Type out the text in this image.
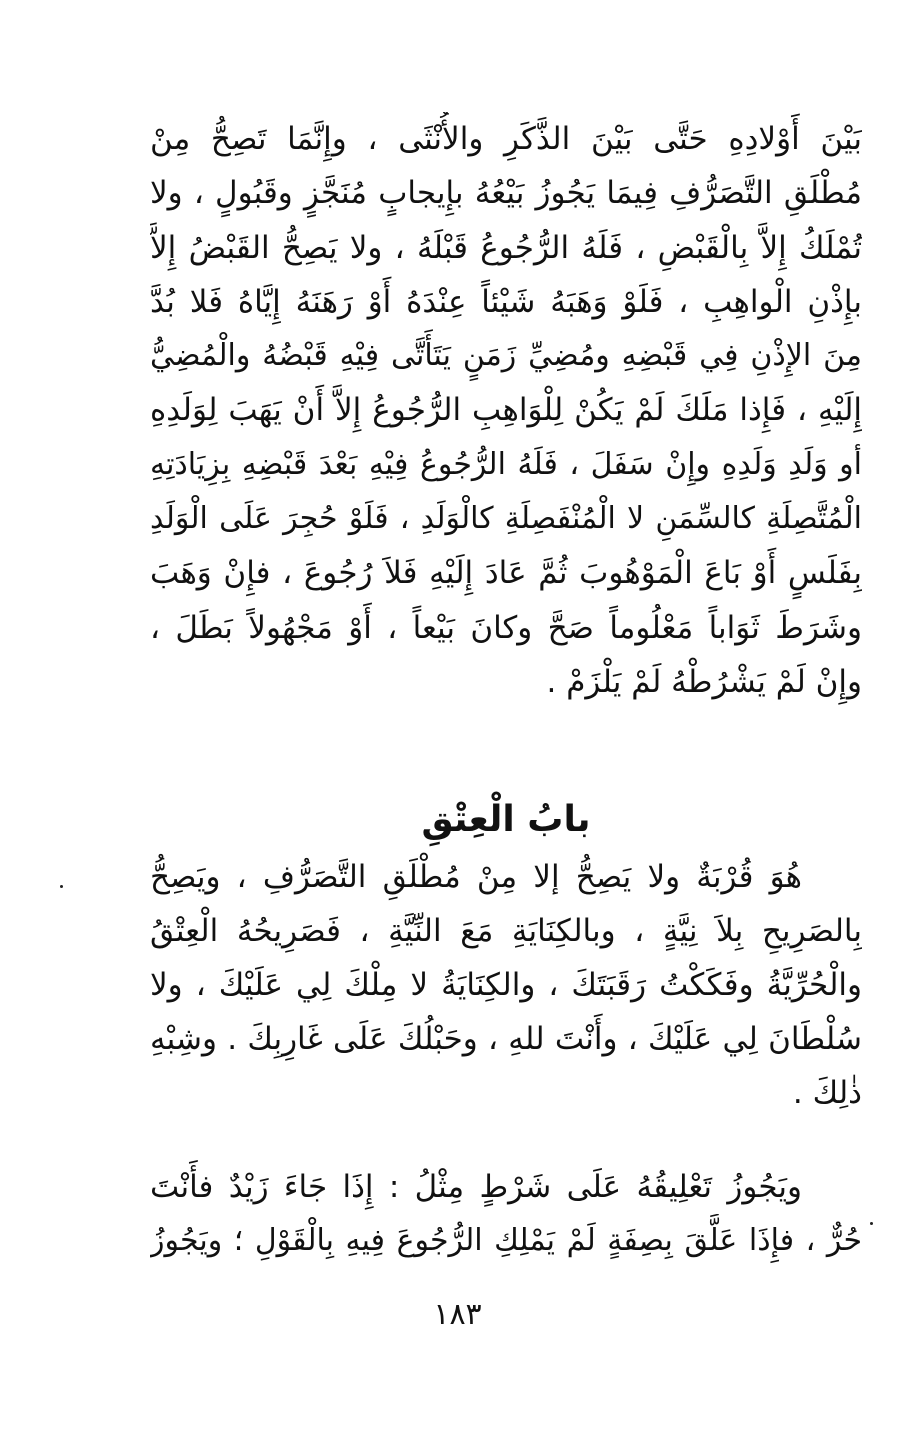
بَيْنَ أَوْلادِهِ حَتَّى بَيْنَ الذَّكَرِ والأُنْثَى ، وإِنَّمَا تَصِحُّ مِنْ
مُطْلَقِ التَّصَرُّفِ فِيمَا يَجُوزُ بَيْعُهُ بإِيجابٍ مُنَجَّزٍ وقَبُولٍ ، ولا
تُمْلَكُ إِلاَّ بِالْقَبْضِ ، فَلَهُ الرُّجُوعُ قَبْلَهُ ، ولا يَصِحُّ القَبْضُ إِلاَّ
بإِذْنِ الْواهِبِ ، فَلَوْ وَهَبَهُ شَيْئاً عِنْدَهُ أَوْ رَهَنَهُ إِيَّاهُ فَلا بُدَّ
مِنَ الإِذْنِ فِي قَبْضِهِ ومُضِيِّ زَمَنٍ يَتَأَتَّى فِيْهِ قَبْضُهُ والْمُضِيُّ
إِلَيْهِ ، فَإِذا مَلَكَ لَمْ يَكُنْ لِلْوَاهِبِ الرُّجُوعُ إِلاَّ أَنْ يَهَبَ لِوَلَدِهِ
أو وَلَدِ وَلَدِهِ وإِنْ سَفَلَ ، فَلَهُ الرُّجُوعُ فِيْهِ بَعْدَ قَبْضِهِ بِزِيَادَتِهِ
الْمُتَّصِلَةِ كالسِّمَنِ لا الْمُنْفَصِلَةِ كالْوَلَدِ ، فَلَوْ حُجِرَ عَلَى الْوَلَدِ
بِفَلَسٍ أَوْ بَاعَ الْمَوْهُوبَ ثُمَّ عَادَ إِلَيْهِ فَلاَ رُجُوعَ ، فإِنْ وَهَبَ
وشَرَطَ ثَوَاباً مَعْلُوماً صَحَّ وكانَ بَيْعاً ، أَوْ مَجْهُولاً بَطَلَ ،
وإِنْ لَمْ يَشْرُطْهُ لَمْ يَلْزَمْ .
بابُ الْعِتْقِ
هُوَ قُرْبَةٌ ولا يَصِحُّ إلا مِنْ مُطْلَقِ التَّصَرُّفِ ، ويَصِحُّ
بِالصَرِيحِ بِلاَ نِيَّةٍ ، وبالكِنَايَةِ مَعَ النِّيَّةِ ، فَصَرِيحُهُ الْعِتْقُ
والْحُرِّيَّةُ وفَكَكْتُ رَقَبَتَكَ ، والكِنَايَةُ لا مِلْكَ لِي عَلَيْكَ ، ولا
سُلْطَانَ لِي عَلَيْكَ ، وأَنْتَ للهِ ، وحَبْلُكَ عَلَى غَارِبِكَ . وشِبْهِ
ذٰلِكَ .
ويَجُوزُ تَعْلِيقُهُ عَلَى شَرْطٍ مِثْلُ : إِذَا جَاءَ زَيْدٌ فأَنْتَ
حُرٌّ ، فإِذَا عَلَّقَ بِصِفَةٍ لَمْ يَمْلِكِ الرُّجُوعَ فِيهِ بِالْقَوْلِ ؛ ويَجُوزُ
١٨٣
